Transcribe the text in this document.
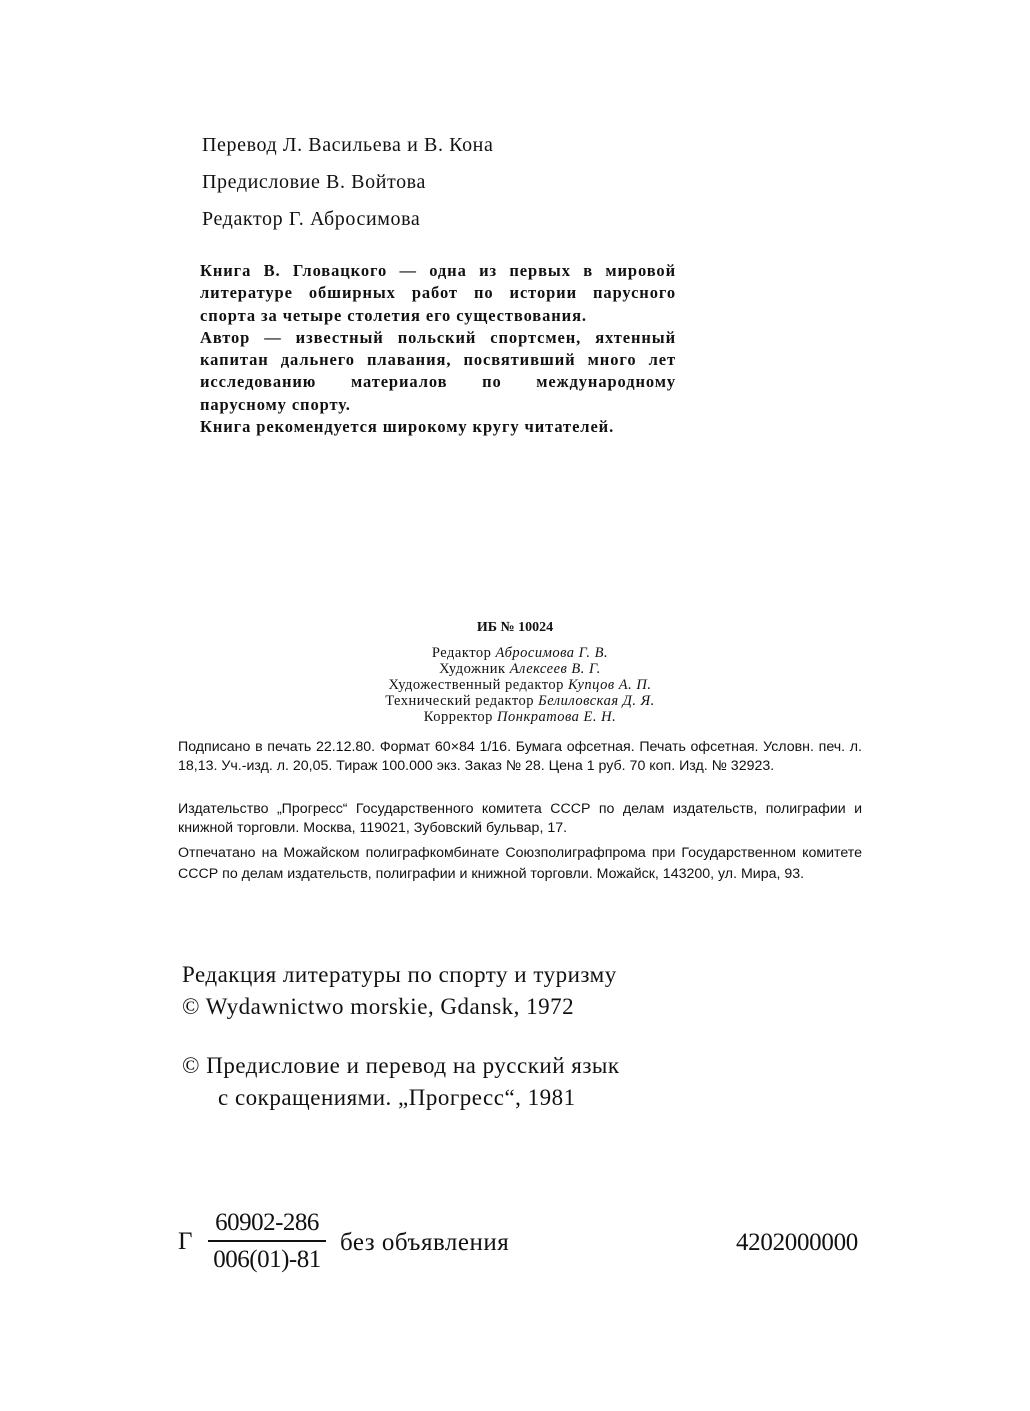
Перевод Л. Васильева и В. Кона
Предисловие В. Войтова
Редактор Г. Абросимова

Книга В. Гловацкого — одна из первых в мировой литературе обширных работ по истории парусного спорта за четыре столетия его существования.

Автор — известный польский спортсмен, яхтенный капитан дальнего плавания, посвятивший много лет исследованию материалов по международному парусному спорту.

Книга рекомендуется широкому кругу читателей.

ИБ № 10024
Редактор Абросимова Г. В.
Художник Алексеев В. Г.
Художественный редактор Купцов А. П.
Технический редактор Белиловская Д. Я.
Корректор Понкратова Е. Н.

Подписано в печать 22.12.80. Формат 60×84 1/16. Бумага офсетная. Печать офсетная. Условн. печ. л. 18,13. Уч.-изд. л. 20,05. Тираж 100.000 экз. Заказ № 28. Цена 1 руб. 70 коп. Изд. № 32923.

Издательство „Прогресс“ Государственного комитета СССР по делам издательств, полиграфии и книжной торговли. Москва, 119021, Зубовский бульвар, 17.

Отпечатано на Можайском полиграфкомбинате Союзполиграфпрома при Государственном комитете СССР по делам издательств, полиграфии и книжной торговли. Можайск, 143200, ул. Мира, 93.

Редакция литературы по спорту и туризму
© Wydawnictwo morskie, Gdansk, 1972
© Предисловие и перевод на русский язык
с сокращениями. „Прогресс“, 1981
Г $\frac{60902-286}{006(01)-81}$ без объявления	4202000000
